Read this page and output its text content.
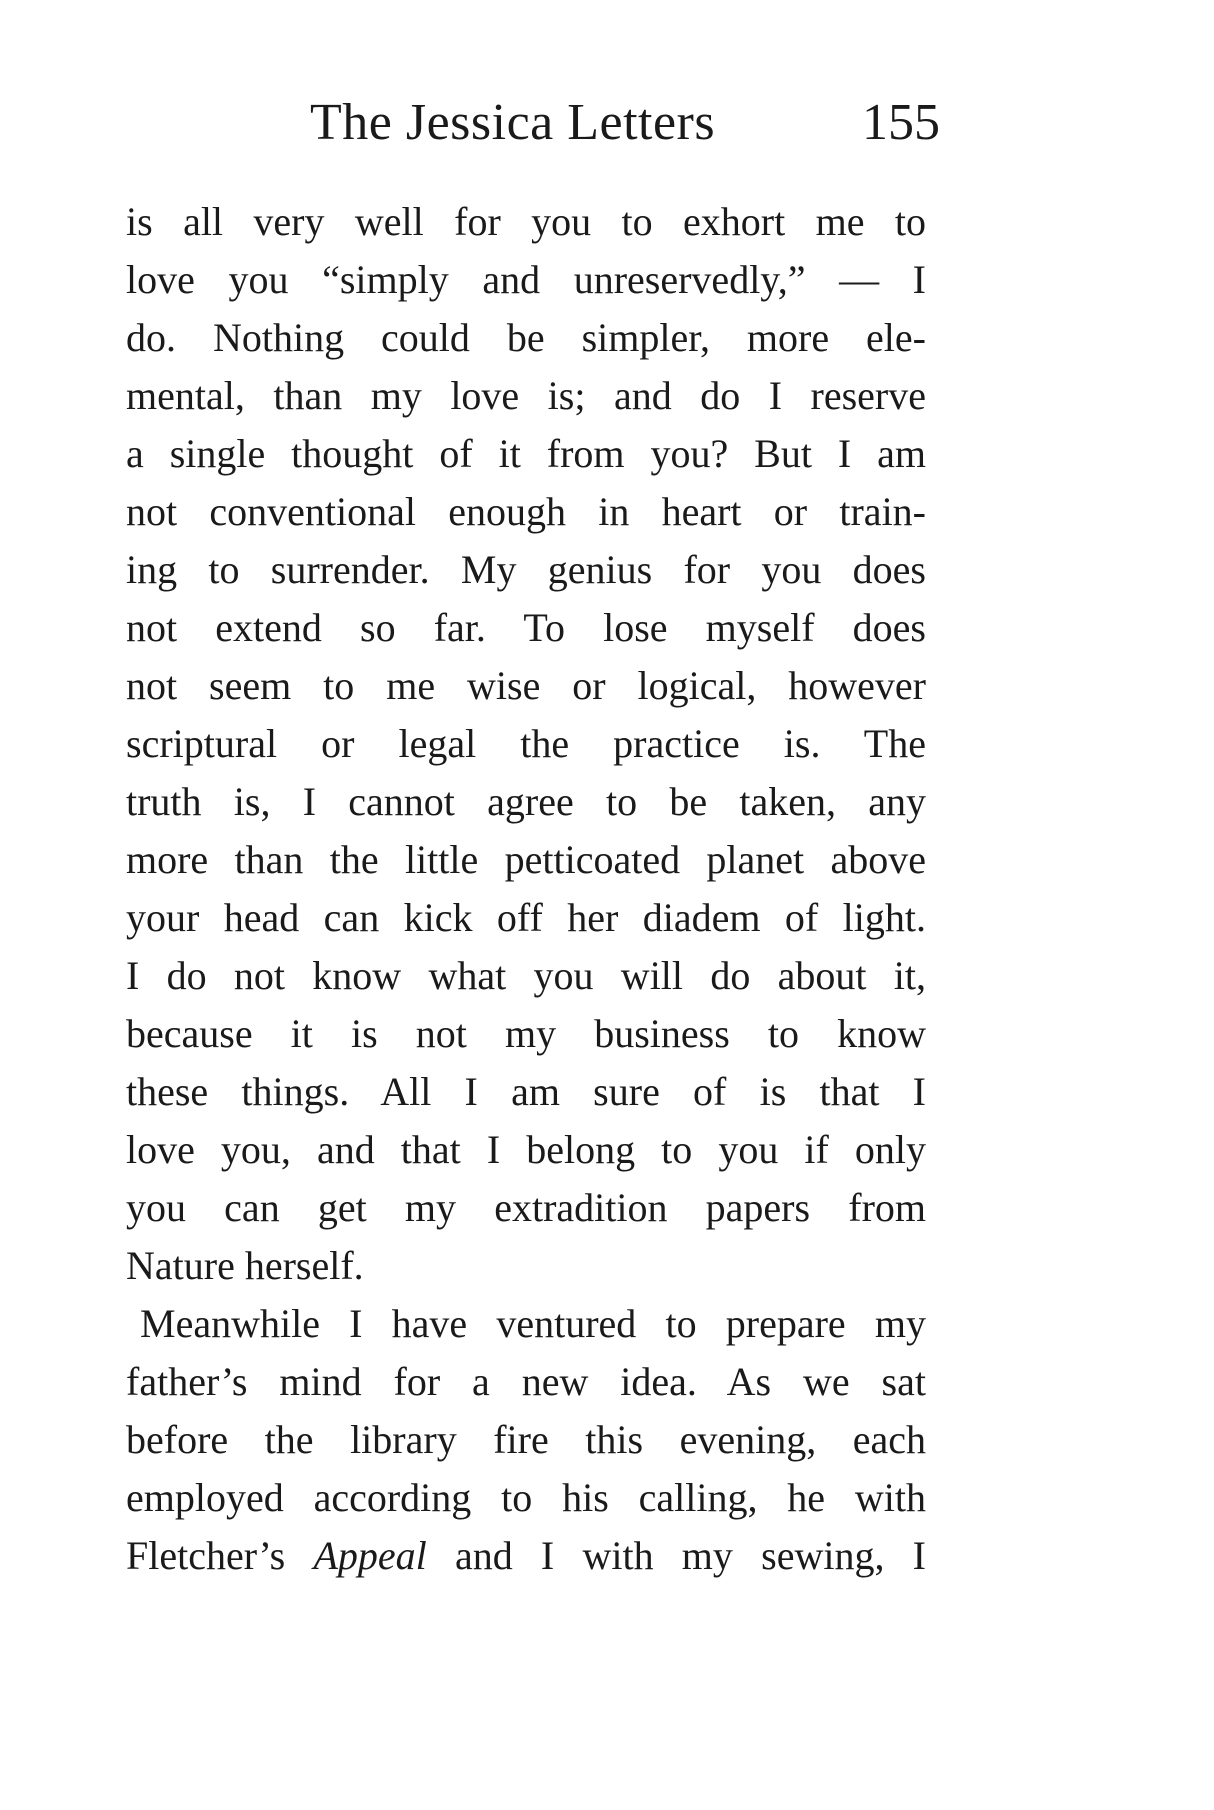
The Jessica Letters	155
is all very well for you to exhort me to
love you “simply and unreservedly,” — I
do. Nothing could be simpler, more ele-
mental, than my love is; and do I reserve
a single thought of it from you? But I am
not conventional enough in heart or train-
ing to surrender. My genius for you does
not extend so far. To lose myself does
not seem to me wise or logical, however
scriptural or legal the practice is. The
truth is, I cannot agree to be taken, any
more than the little petticoated planet above
your head can kick off her diadem of light.
I do not know what you will do about it,
because it is not my business to know
these things. All I am sure of is that I
love you, and that I belong to you if only
you can get my extradition papers from
Nature herself.
Meanwhile I have ventured to prepare my
father’s mind for a new idea. As we sat
before the library fire this evening, each
employed according to his calling, he with
Fletcher’s Appeal and I with my sewing, I
